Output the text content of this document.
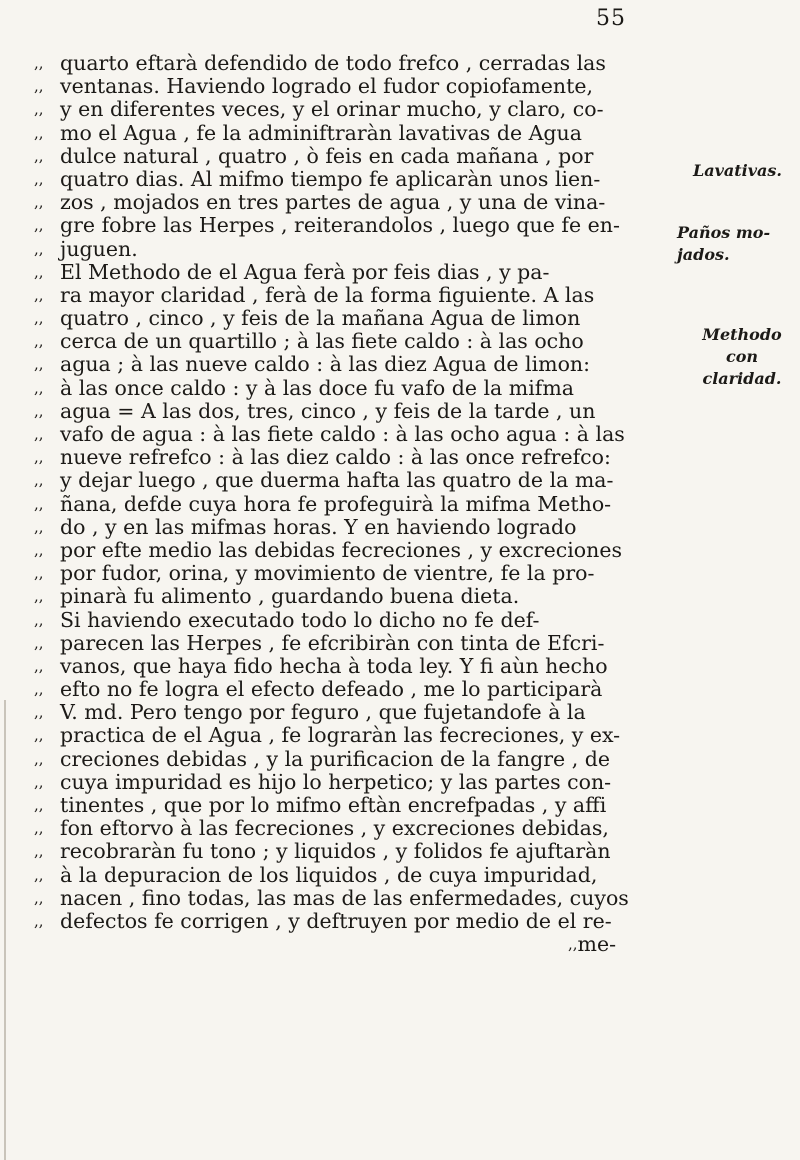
55
,, quarto eftarà defendido de todo frefco , cerradas las
,, ventanas. Haviendo logrado el fudor copiofamente,
,, y en diferentes veces, y el orinar mucho, y claro, co-
,, mo el Agua , fe la adminiftraràn lavativas de Agua
,, dulce natural , quatro , ò feis en cada mañana , por
,, quatro dias. Al mifmo tiempo fe aplicaràn unos lien-
,, zos , mojados en tres partes de agua , y una de vina-
,, gre fobre las Herpes , reiterandolos , luego que fe en-
,, juguen.
,, El Methodo de el Agua ferà por feis dias , y pa-
,, ra mayor claridad , ferà de la forma figuiente. A las
,, quatro , cinco , y feis de la mañana Agua de limon
,, cerca de un quartillo ; à las fiete caldo : à las ocho
,, agua ; à las nueve caldo : à las diez Agua de limon:
,, à las once caldo : y à las doce fu vafo de la mifma
,, agua = A las dos, tres, cinco , y feis de la tarde , un
,, vafo de agua : à las fiete caldo : à las ocho agua : à las
,, nueve refrefco : à las diez caldo : à las once refrefco:
,, y dejar luego , que duerma hafta las quatro de la ma-
,, ñana, defde cuya hora fe profeguirà la mifma Metho-
,, do , y en las mifmas horas. Y en haviendo logrado
,, por efte medio las debidas fecreciones , y excreciones
,, por fudor, orina, y movimiento de vientre, fe la pro-
,, pinarà fu alimento , guardando buena dieta.
,, Si haviendo executado todo lo dicho no fe def-
,, parecen las Herpes , fe efcribiràn con tinta de Efcri-
,, vanos, que haya fido hecha à toda ley. Y fi aùn hecho
,, efto no fe logra el efecto defeado , me lo participarà
,, V. md. Pero tengo por feguro , que fujetandofe à la
,, practica de el Agua , fe lograràn las fecreciones, y ex-
,, creciones debidas , y la purificacion de la fangre , de
,, cuya impuridad es hijo lo herpetico; y las partes con-
,, tinentes , que por lo mifmo eftàn encrefpadas , y affi
,, fon eftorvo à las fecreciones , y excreciones debidas,
,, recobraràn fu tono ; y liquidos , y folidos fe ajuftaràn
,, à la depuracion de los liquidos , de cuya impuridad,
,, nacen , fino todas, las mas de las enfermedades, cuyos
,, defectos fe corrigen , y deftruyen por medio de el re-
,,me-
Lavativas.
Paños mo-
jados.
Methodo
con claridad.
